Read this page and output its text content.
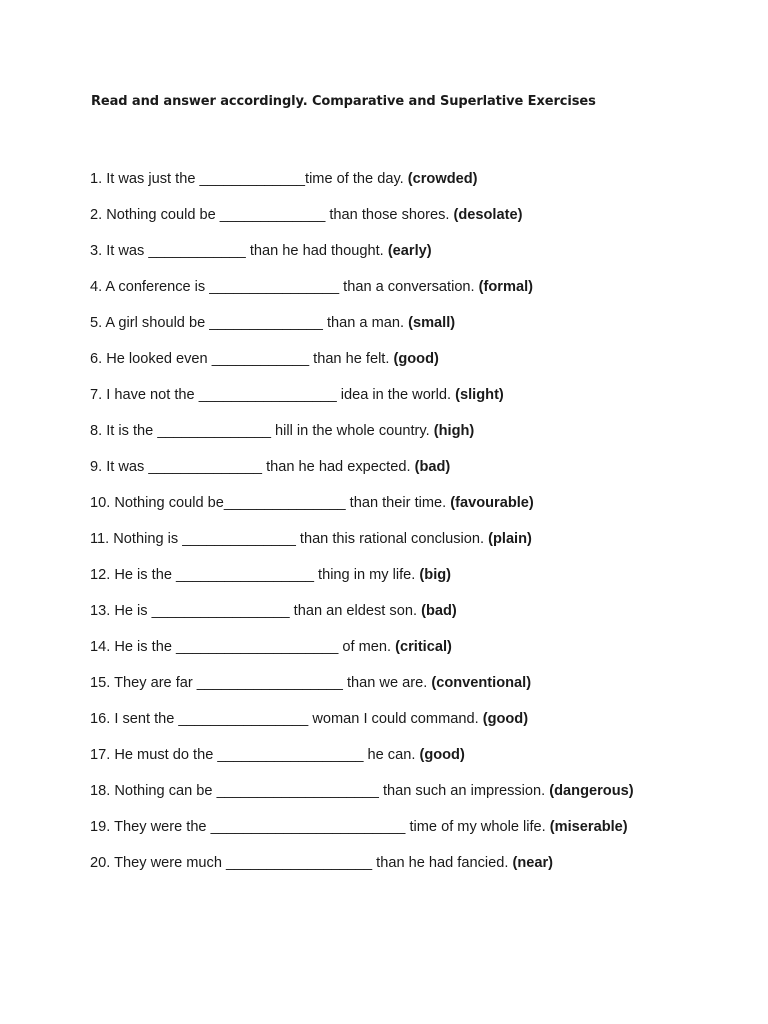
Read and answer accordingly. Comparative and Superlative Exercises
1. It was just the _____________time of the day. (crowded)
2. Nothing could be _____________ than those shores. (desolate)
3. It was ____________ than he had thought. (early)
4. A conference is ________________ than a conversation. (formal)
5. A girl should be ______________ than a man. (small)
6. He looked even ____________ than he felt. (good)
7. I have not the _________________ idea in the world. (slight)
8. It is the ______________ hill in the whole country. (high)
9. It was ______________ than he had expected. (bad)
10. Nothing could be_______________ than their time. (favourable)
11. Nothing is ______________ than this rational conclusion. (plain)
12. He is the _________________ thing in my life. (big)
13. He is _________________ than an eldest son. (bad)
14. He is the ____________________ of men. (critical)
15. They are far __________________ than we are. (conventional)
16. I sent the ________________ woman I could command. (good)
17. He must do the __________________ he can. (good)
18. Nothing can be ____________________ than such an impression. (dangerous)
19. They were the ________________________ time of my whole life. (miserable)
20. They were much __________________ than he had fancied. (near)
